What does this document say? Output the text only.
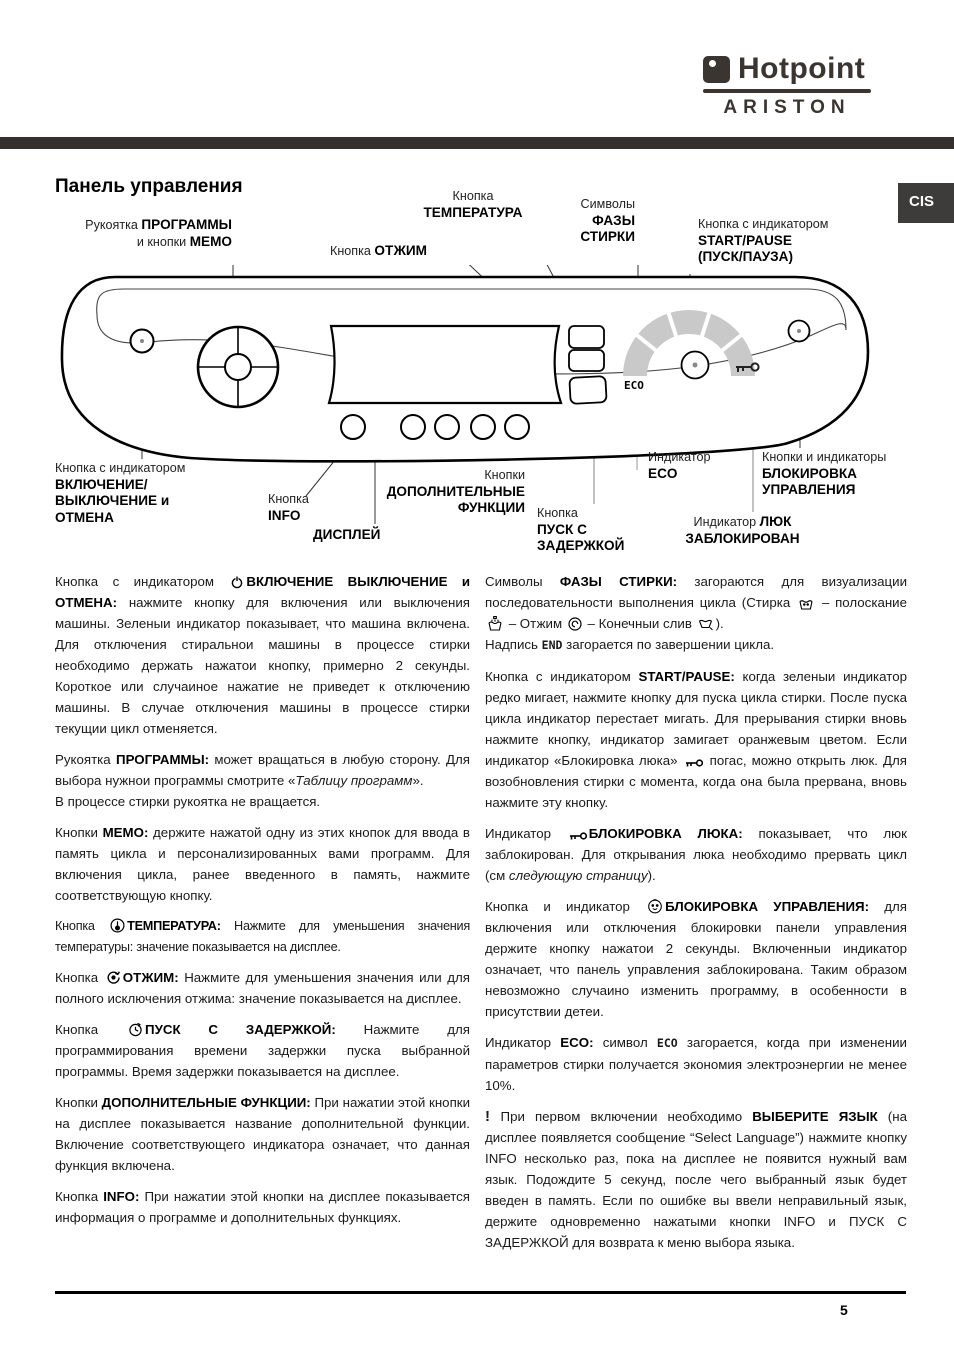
Hotpoint
ARISTON
CIS
Панель управления
Рукоятка ПРОГРАММЫ
и кнопки MEMO
Кнопка
ТЕМПЕРАТУРА
Кнопка ОТЖИМ
Символы
ФАЗЫ
СТИРКИ
Кнопка с индикатором
START/PAUSE
(ПУСК/ПАУЗА)
ECO
Кнопка с индикатором
ВКЛЮЧЕНИЕ/
ВЫКЛЮЧЕНИЕ и
ОТМЕНА
Кнопка
INFO
ДИСПЛЕЙ
Кнопки
ДОПОЛНИТЕЛЬНЫЕ
ФУНКЦИИ Кнопка
ПУСК С
ЗАДЕРЖКОЙ
Индикатор
ECO
Кнопки и индикаторы
БЛОКИРОВКА
УПРАВЛЕНИЯ
Индикатор ЛЮК
ЗАБЛОКИРОВАН

Кнопка с индикатором
ВКЛЮЧЕНИЕ ВЫКЛЮЧЕНИЕ и ОТМЕНА: нажмите кнопку для включения или выключения машины. Зеленыи индикатор показывает, что машина включена. Для отключения стиральнои машины в процессе стирки необходимо держать нажатои кнопку, примерно 2 секунды. Короткое или случаиное нажатие не приведет к отключению машины. В случае отключения машины в процессе стирки текущии цикл отменяется.

Рукоятка ПРОГРАММЫ: может вращаться в любую сторону. Для выбора нужнои программы смотрите «Таблицу программ».
В процессе стирки рукоятка не вращается.

Кнопки MEMO: держите нажатой одну из этих кнопок для ввода в память цикла и персонализированных вами программ. Для включения цикла, ранее введенного в память, нажмите соответствующую кнопку.

Кнопка
ТЕМПЕРАТУРА: Нажмите для уменьшения значения температуры: значение показывается на дисплее.

Кнопка
ОТЖИМ: Нажмите для уменьшения значения или для полного исключения отжима: значение показывается на дисплее.

Кнопка
ПУСК С ЗАДЕРЖКОЙ: Нажмите для программирования времени задержки пуска выбранной программы. Время задержки показывается на дисплее.

Кнопки ДОПОЛНИТЕЛЬНЫЕ ФУНКЦИИ: При нажатии этой кнопки на дисплее показывается название дополнительной функции. Включение соответствующего индикатора означает, что данная функция включена.

Кнопка INFO: При нажатии этой кнопки на дисплее показывается информация о программе и дополнительных функциях.

Символы ФАЗЫ СТИРКИ: загораются для визуализации последовательности выполнения цикла (Стирка
– полоскание
– Отжим
– Конечныи слив
).
Надпись END загорается по завершении цикла.

Кнопка с индикатором START/PAUSE: когда зеленыи индикатор редко мигает, нажмите кнопку для пуска цикла стирки. После пуска цикла индикатор перестает мигать. Для прерывания стирки вновь нажмите кнопку, индикатор замигает оранжевым цветом. Если индикатор «Блокировка люка»
погас, можно открыть люк. Для возобновления стирки с момента, когда она была прервана, вновь нажмите эту кнопку.

Индикатор
БЛОКИРОВКА ЛЮКА: показывает, что люк заблокирован. Для открывания люка необходимо прервать цикл (см следующую страницу).

Кнопка и индикатор
БЛОКИРОВКА УПРАВЛЕНИЯ: для включения или отключения блокировки панели управления держите кнопку нажатои 2 секунды. Включенныи индикатор означает, что панель управления заблокирована. Таким образом невозможно случаино изменить программу, в особенности в присутствии детеи.

Индикатор ECO: символ ECO загорается, когда при изменении параметров стирки получается экономия электроэнергии не менее 10%.

! При первом включении необходимо ВЫБЕРИТЕ ЯЗЫК (на дисплее появляется сообщение “Select Language”) нажмите кнопку INFO несколько раз, пока на дисплее не появится нужный вам язык. Подождите 5 секунд, после чего выбранный язык будет введен в память. Если по ошибке вы ввели неправильный язык, держите одновременно нажатыми кнопки INFO и ПУСК С ЗАДЕРЖКОЙ для возврата к меню выбора языка.

5
